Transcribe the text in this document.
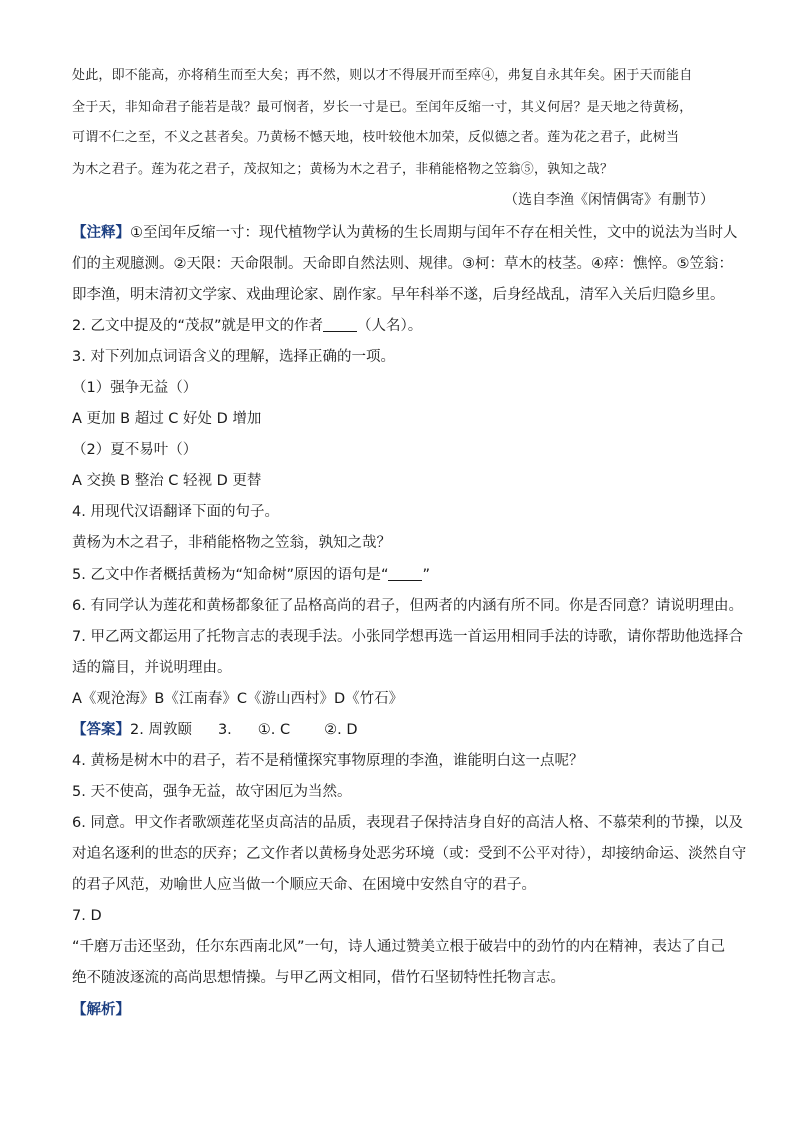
处此，即不能高，亦将稍生而至大矣；再不然，则以才不得展开而至瘁④，弗复自永其年矣。困于天而能自

全于天，非知命君子能若是哉？最可悯者，岁长一寸是已。至闰年反缩一寸，其义何居？是天地之待黄杨，

可谓不仁之至，不义之甚者矣。乃黄杨不憾天地，枝叶较他木加荣，反似德之者。莲为花之君子，此树当

为木之君子。莲为花之君子，茂叔知之；黄杨为木之君子，非稍能格物之笠翁⑤，孰知之哉？

（选自李渔《闲情偶寄》有删节）

【注释】①至闰年反缩一寸：现代植物学认为黄杨的生长周期与闰年不存在相关性，文中的说法为当时人

们的主观臆测。②天限：天命限制。天命即自然法则、规律。③柯：草木的枝茎。④瘁：憔悴。⑤笠翁：

即李渔，明末清初文学家、戏曲理论家、剧作家。早年科举不遂，后身经战乱，清军入关后归隐乡里。

2. 乙文中提及的“茂叔”就是甲文的作者 （人名）。

3. 对下列加点词语含义的理解，选择正确的一项。

（1）强争无益（）

A 更加 B 超过 C 好处 D 增加

（2）夏不易叶（）

A 交换 B 整治 C 轻视 D 更替

4. 用现代汉语翻译下面的句子。

黄杨为木之君子，非稍能格物之笠翁，孰知之哉？

5. 乙文中作者概括黄杨为“知命树”原因的语句是“ ”

6. 有同学认为莲花和黄杨都象征了品格高尚的君子，但两者的内涵有所不同。你是否同意？请说明理由。

7. 甲乙两文都运用了托物言志的表现手法。小张同学想再选一首运用相同手法的诗歌，请你帮助他选择合

适的篇目，并说明理由。

A《观沧海》B《江南春》C《游山西村》D《竹石》

【答案】2. 周敦颐 3. ①. C ②. D

4. 黄杨是树木中的君子，若不是稍懂探究事物原理的李渔，谁能明白这一点呢？

5. 天不使高，强争无益，故守困厄为当然。

6. 同意。甲文作者歌颂莲花坚贞高洁的品质，表现君子保持洁身自好的高洁人格、不慕荣利的节操，以及

对追名逐利的世态的厌弃；乙文作者以黄杨身处恶劣环境（或：受到不公平对待），却接纳命运、淡然自守

的君子风范，劝喻世人应当做一个顺应天命、在困境中安然自守的君子。

7. D

“千磨万击还坚劲，任尔东西南北风”一句，诗人通过赞美立根于破岩中的劲竹的内在精神，表达了自己

绝不随波逐流的高尚思想情操。与甲乙两文相同，借竹石坚韧特性托物言志。

【解析】
